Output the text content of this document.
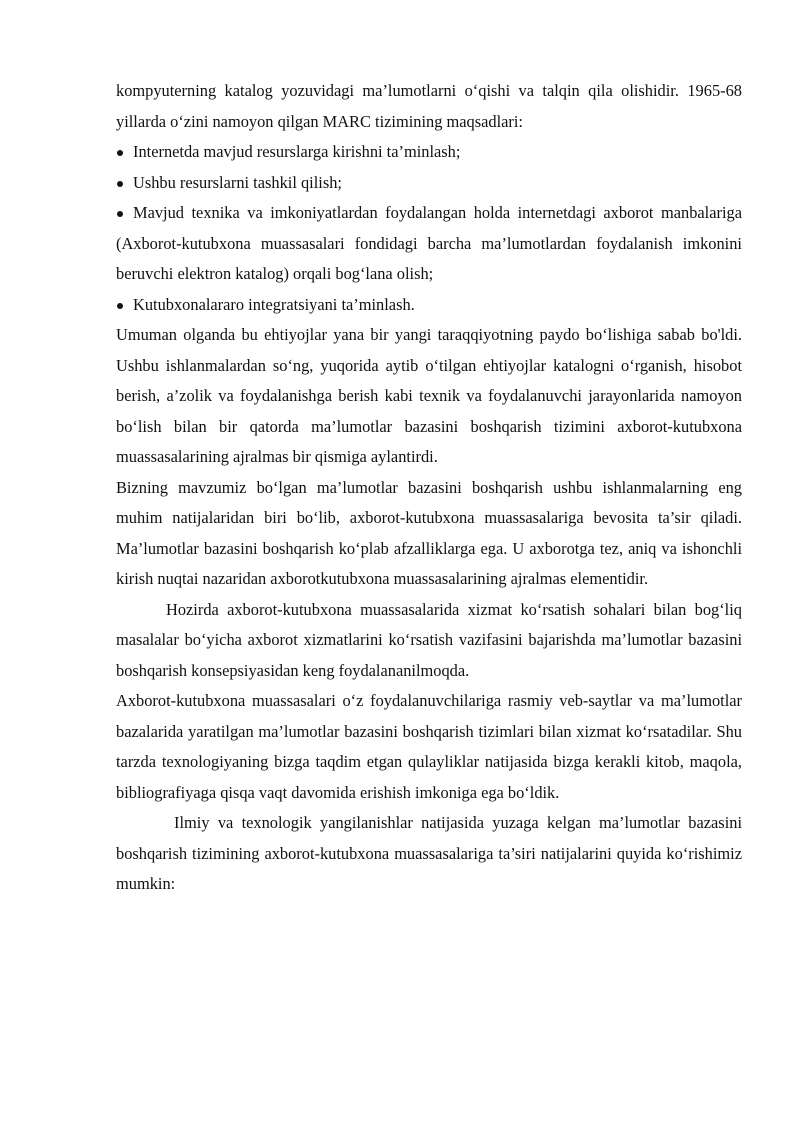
kompyuterning katalog yozuvidagi ma’lumotlarni o‘qishi va talqin qila olishidir. 1965-68 yillarda o‘zini namoyon qilgan MARC tizimining maqsadlari:

Internetda mavjud resurslarga kirishni ta’minlash;
Ushbu resurslarni tashkil qilish;
Mavjud texnika va imkoniyatlardan foydalangan holda internetdagi axborot manbalariga (Axborot-kutubxona muassasalari fondidagi barcha ma’lumotlardan foydalanish imkonini beruvchi elektron katalog) orqali bog‘lana olish;
Kutubxonalararo integratsiyani ta’minlash.

Umuman olganda bu ehtiyojlar yana bir yangi taraqqiyotning paydo bo‘lishiga sabab bo'ldi. Ushbu ishlanmalardan so‘ng, yuqorida aytib o‘tilgan ehtiyojlar katalogni o‘rganish, hisobot berish, a’zolik va foydalanishga berish kabi texnik va foydalanuvchi jarayonlarida namoyon bo‘lish bilan bir qatorda ma’lumotlar bazasini boshqarish tizimini axborot-kutubxona muassasalarining ajralmas bir qismiga aylantirdi.

Bizning mavzumiz bo‘lgan ma’lumotlar bazasini boshqarish ushbu ishlanmalarning eng muhim natijalaridan biri bo‘lib, axborot-kutubxona muassasalariga bevosita ta’sir qiladi. Ma’lumotlar bazasini boshqarish ko‘plab afzalliklarga ega. U axborotga tez, aniq va ishonchli kirish nuqtai nazaridan axborotkutubxona muassasalarining ajralmas elementidir.

Hozirda axborot-kutubxona muassasalarida xizmat ko‘rsatish sohalari bilan bog‘liq masalalar bo‘yicha axborot xizmatlarini ko‘rsatish vazifasini bajarishda ma’lumotlar bazasini boshqarish konsepsiyasidan keng foydalananilmoqda.

Axborot-kutubxona muassasalari o‘z foydalanuvchilariga rasmiy veb-saytlar va ma’lumotlar bazalarida yaratilgan ma’lumotlar bazasini boshqarish tizimlari bilan xizmat ko‘rsatadilar. Shu tarzda texnologiyaning bizga taqdim etgan qulayliklar natijasida bizga kerakli kitob, maqola, bibliografiyaga qisqa vaqt davomida erishish imkoniga ega bo‘ldik.

Ilmiy va texnologik yangilanishlar natijasida yuzaga kelgan ma’lumotlar bazasini boshqarish tizimining axborot-kutubxona muassasalariga ta’siri natijalarini quyida ko‘rishimiz mumkin:
